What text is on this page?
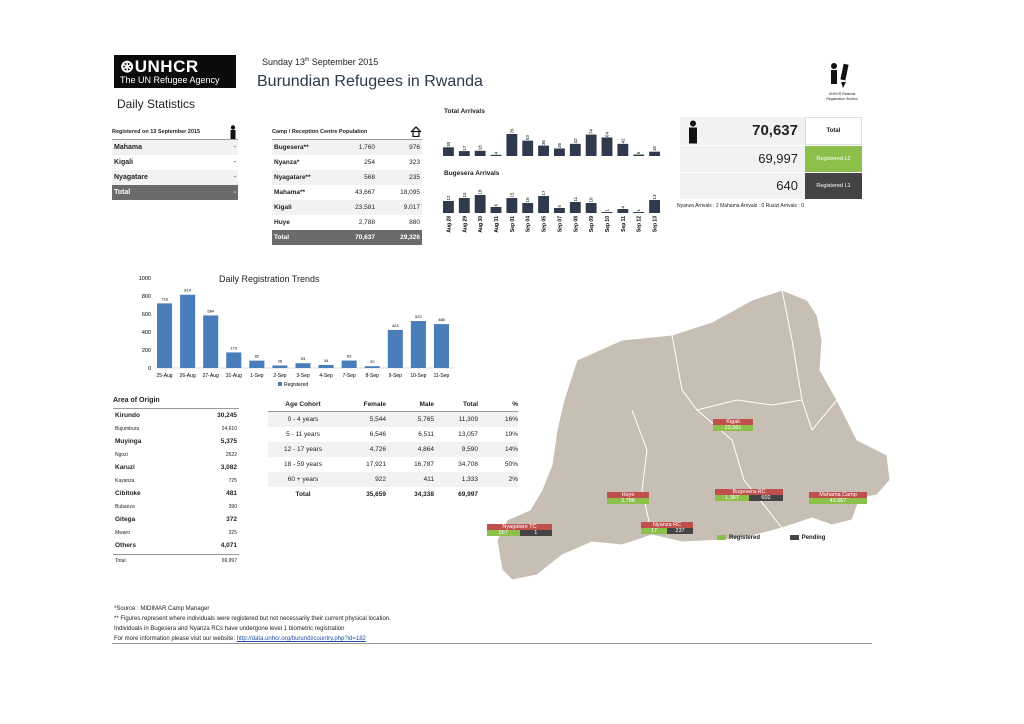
⊛UNHCR
The UN Refugee Agency
Sunday 13th September 2015
Burundian Refugees in Rwanda
Daily Statistics
UNHCR Rwanda
Registration Section
Registered on 13 September 2015
Mahama	-
Kigali	-
Nyagatare	-
Total	-
Camp / Reception Centre Population
Bugesera**	1,760	976
Nyanza*	254	323
Nyagatare**	568	235
Mahama**	43,667	18,095
Kigali	23,581	9,017
Huye	2,788	880
Total	70,637	29,326
Total Arrivals
30
17 18
4
76
53
36
26
42
74
64
42
5
15
Bugesera Arrivals
12
Aug 28
15
Aug 29
18
Aug 30
6
Aug 31
15
Sep 01
10
Sep 04
17
Sep 05
5
Sep 07
11
Sep 08
10
Sep 09
1
Sep 10
4
Sep 11
1
Sep 12
13
Sep 13
70,637	Total
69,997	Registered L2
640	Registered L1
Nyanza Arrivals : 2 Mahama Arrivals : 0 Rusizi Arrivals : 0
Daily Registration Trends
0
200
400
600
800
1000
718
25-Aug
814
26-Aug
584
27-Aug
173
31-Aug
82
1-Sep
28
2-Sep
53
3-Sep
34
4-Sep
83
7-Sep
20
8-Sep
423
9-Sep
522
10-Sep
488
11-Sep
Registered
Area of Origin
Kirundo	30,245
Bujumbura	24,610
Muyinga	5,375
Ngozi	2522
Karuzi	3,082
Kayanza	725
Cibitoke	481
Bubanza	390
Gitega	372
Mwaro	325
Others	4,071
Total	69,997
Age Cohort	Female	Male	Total	%
0 - 4 years	5,544	5,765	11,309	16%
5 - 11 years	6,546	6,511	13,057	19%
12 - 17 years	4,726	4,864	9,590	14%
18 - 59 years	17,921	16,787	34,708	50%
60 + years	922	411	1,333	2%
Total	35,659	34,338	69,997
Kigali
23,581
Huye
2,788
Bugesera RC
1,367	602	Mahama Camp
43,667
Nyagatare TC
567	1
Nyanza RC
17	237
Registered	Pending
*Source : MIDIMAR Camp Manager
** Figures represent where individuals were registered but not necessarily their current physical location.
Individuals in Bugesera and Nyanza RCs have undergone level 1 biometric registration
For more information please visit our website: http://data.unhcr.org/burundi/country.php?id=182
